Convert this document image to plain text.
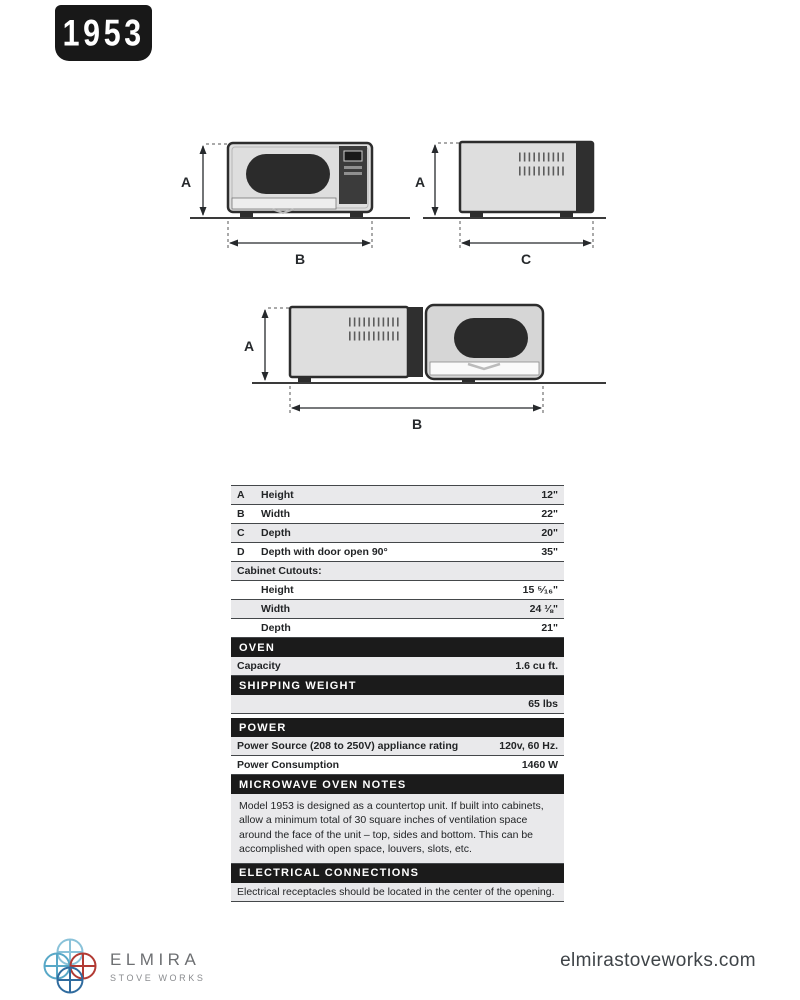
1953
A
B
A
C
A
B
A	Height	12"
B	Width	22"
C	Depth	20"
D	Depth with door open 90°	35"
Cabinet Cutouts:
Height	15 ⁵⁄₁₆"
Width	24 ⅛"
Depth	21"
OVEN
Capacity	1.6 cu ft.
SHIPPING WEIGHT
65 lbs
POWER
Power Source (208 to 250V) appliance rating	120v, 60 Hz.
Power Consumption	1460 W
MICROWAVE OVEN NOTES
Model 1953 is designed as a countertop unit. If built into cabinets, allow a minimum total of 30 square inches of ventilation space around the face of the unit – top, sides and bottom. This can be accomplished with open space, louvers, slots, etc.
ELECTRICAL CONNECTIONS
Electrical receptacles should be located in the center of the opening.
ELMIRA
STOVE WORKS
elmirastoveworks.com
